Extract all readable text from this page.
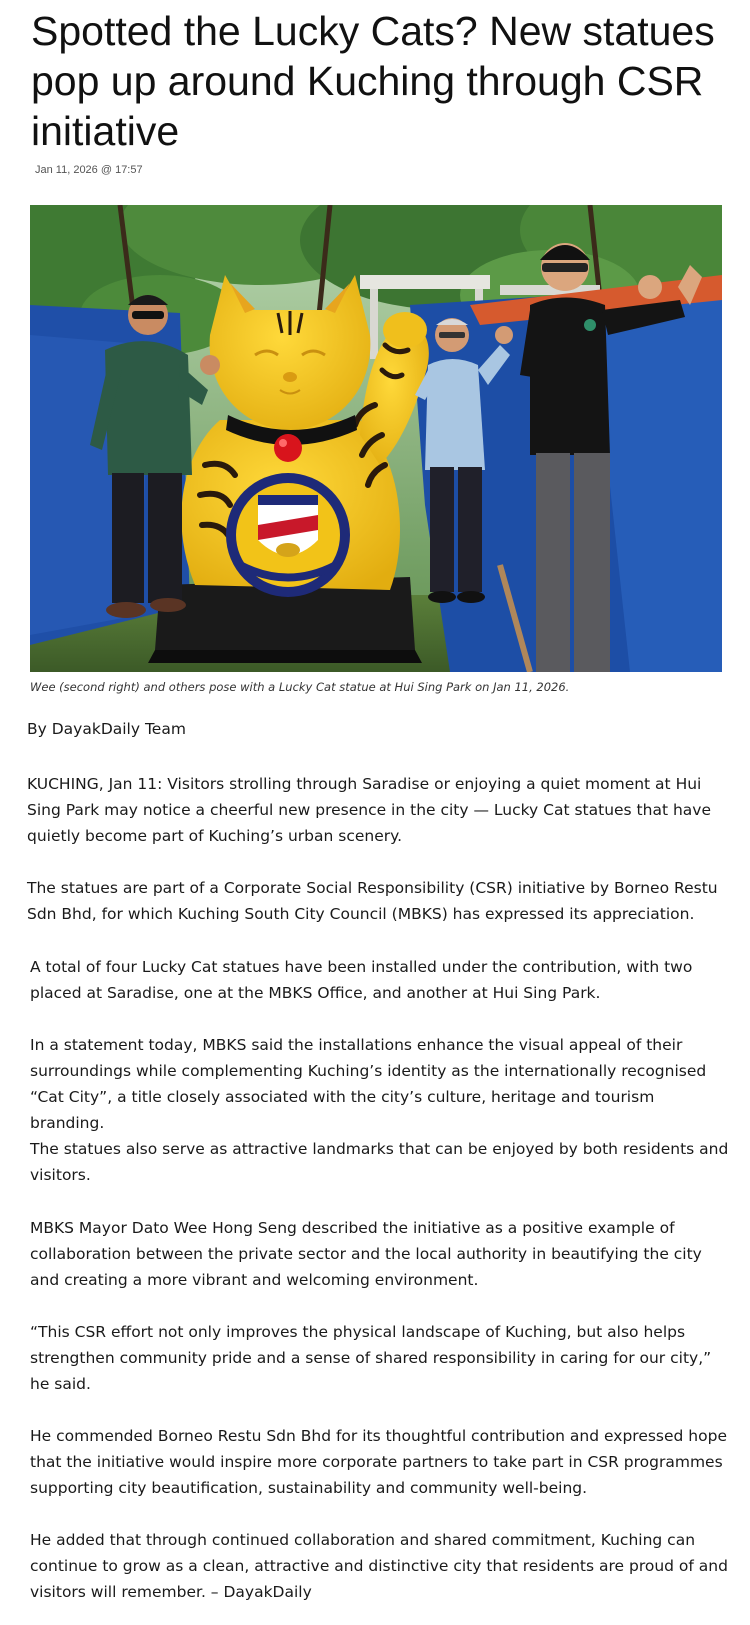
Spotted the Lucky Cats? New statues pop up around Kuching through CSR initiative
Jan 11, 2026 @ 17:57
Wee (second right) and others pose with a Lucky Cat statue at Hui Sing Park on Jan 11, 2026.
By DayakDaily Team

KUCHING, Jan 11: Visitors strolling through Saradise or enjoying a quiet moment at Hui Sing Park may notice a cheerful new presence in the city — Lucky Cat statues that have quietly become part of Kuching’s urban scenery.

The statues are part of a Corporate Social Responsibility (CSR) initiative by Borneo Restu Sdn Bhd, for which Kuching South City Council (MBKS) has expressed its appreciation.

A total of four Lucky Cat statues have been installed under the contribution, with two placed at Saradise, one at the MBKS Office, and another at Hui Sing Park.

In a statement today, MBKS said the installations enhance the visual appeal of their surroundings while complementing Kuching’s identity as the internationally recognised “Cat City”, a title closely associated with the city’s culture, heritage and tourism branding.

The statues also serve as attractive landmarks that can be enjoyed by both residents and visitors.

MBKS Mayor Dato Wee Hong Seng described the initiative as a positive example of collaboration between the private sector and the local authority in beautifying the city and creating a more vibrant and welcoming environment.

“This CSR effort not only improves the physical landscape of Kuching, but also helps strengthen community pride and a sense of shared responsibility in caring for our city,” he said.

He commended Borneo Restu Sdn Bhd for its thoughtful contribution and expressed hope that the initiative would inspire more corporate partners to take part in CSR programmes supporting city beautification, sustainability and community well-being.

He added that through continued collaboration and shared commitment, Kuching can continue to grow as a clean, attractive and distinctive city that residents are proud of and visitors will remember. – DayakDaily
